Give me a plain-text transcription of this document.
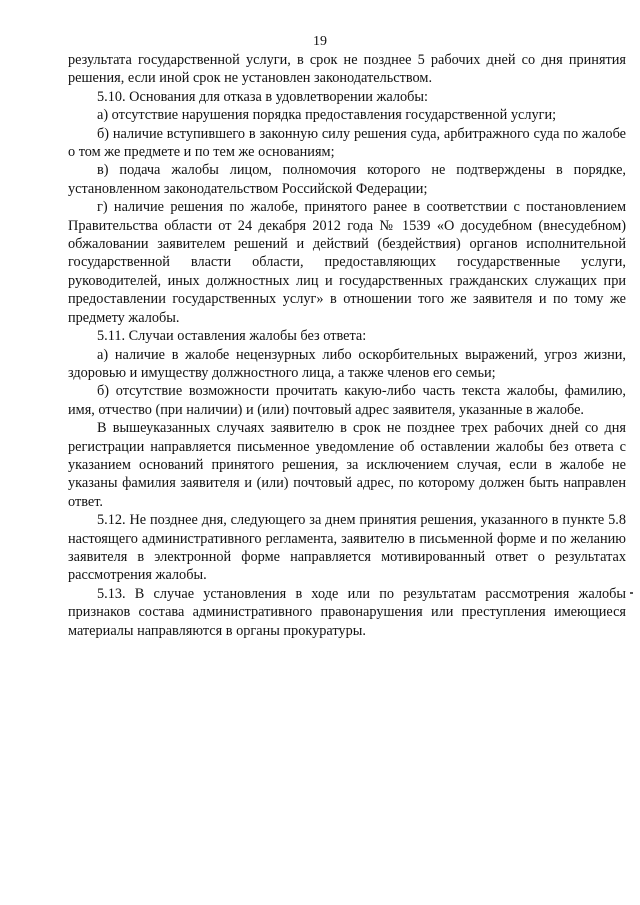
19

результата государственной услуги, в срок не позднее 5 рабочих дней со дня принятия решения, если иной срок не установлен законодательством.

5.10. Основания для отказа в удовлетворении жалобы:

а) отсутствие нарушения порядка предоставления государственной услуги;

б) наличие вступившего в законную силу решения суда, арбитражного суда по жалобе о том же предмете и по тем же основаниям;

в) подача жалобы лицом, полномочия которого не подтверждены в порядке, установленном законодательством Российской Федерации;

г) наличие решения по жалобе, принятого ранее в соответствии с постановлением Правительства области от 24 декабря 2012 года № 1539 «О досудебном (внесудебном) обжаловании заявителем решений и действий (бездействия) органов исполнительной государственной власти области, предоставляющих государственные услуги, руководителей, иных должностных лиц и государственных гражданских служащих при предоставлении государственных услуг» в отношении того же заявителя и по тому же предмету жалобы.

5.11. Случаи оставления жалобы без ответа:

а) наличие в жалобе нецензурных либо оскорбительных выражений, угроз жизни, здоровью и имуществу должностного лица, а также членов его семьи;

б) отсутствие возможности прочитать какую-либо часть текста жалобы, фамилию, имя, отчество (при наличии) и (или) почтовый адрес заявителя, указанные в жалобе.

В вышеуказанных случаях заявителю в срок не позднее трех рабочих дней со дня регистрации направляется письменное уведомление об оставлении жалобы без ответа с указанием оснований принятого решения, за исключением случая, если в жалобе не указаны фамилия заявителя и (или) почтовый адрес, по которому должен быть направлен ответ.

5.12. Не позднее дня, следующего за днем принятия решения, указанного в пункте 5.8 настоящего административного регламента, заявителю в письменной форме и по желанию заявителя в электронной форме направляется мотивированный ответ о результатах рассмотрения жалобы.

5.13. В случае установления в ходе или по результатам рассмотрения жалобы признаков состава административного правонарушения или преступления имеющиеся материалы направляются в органы прокуратуры.
